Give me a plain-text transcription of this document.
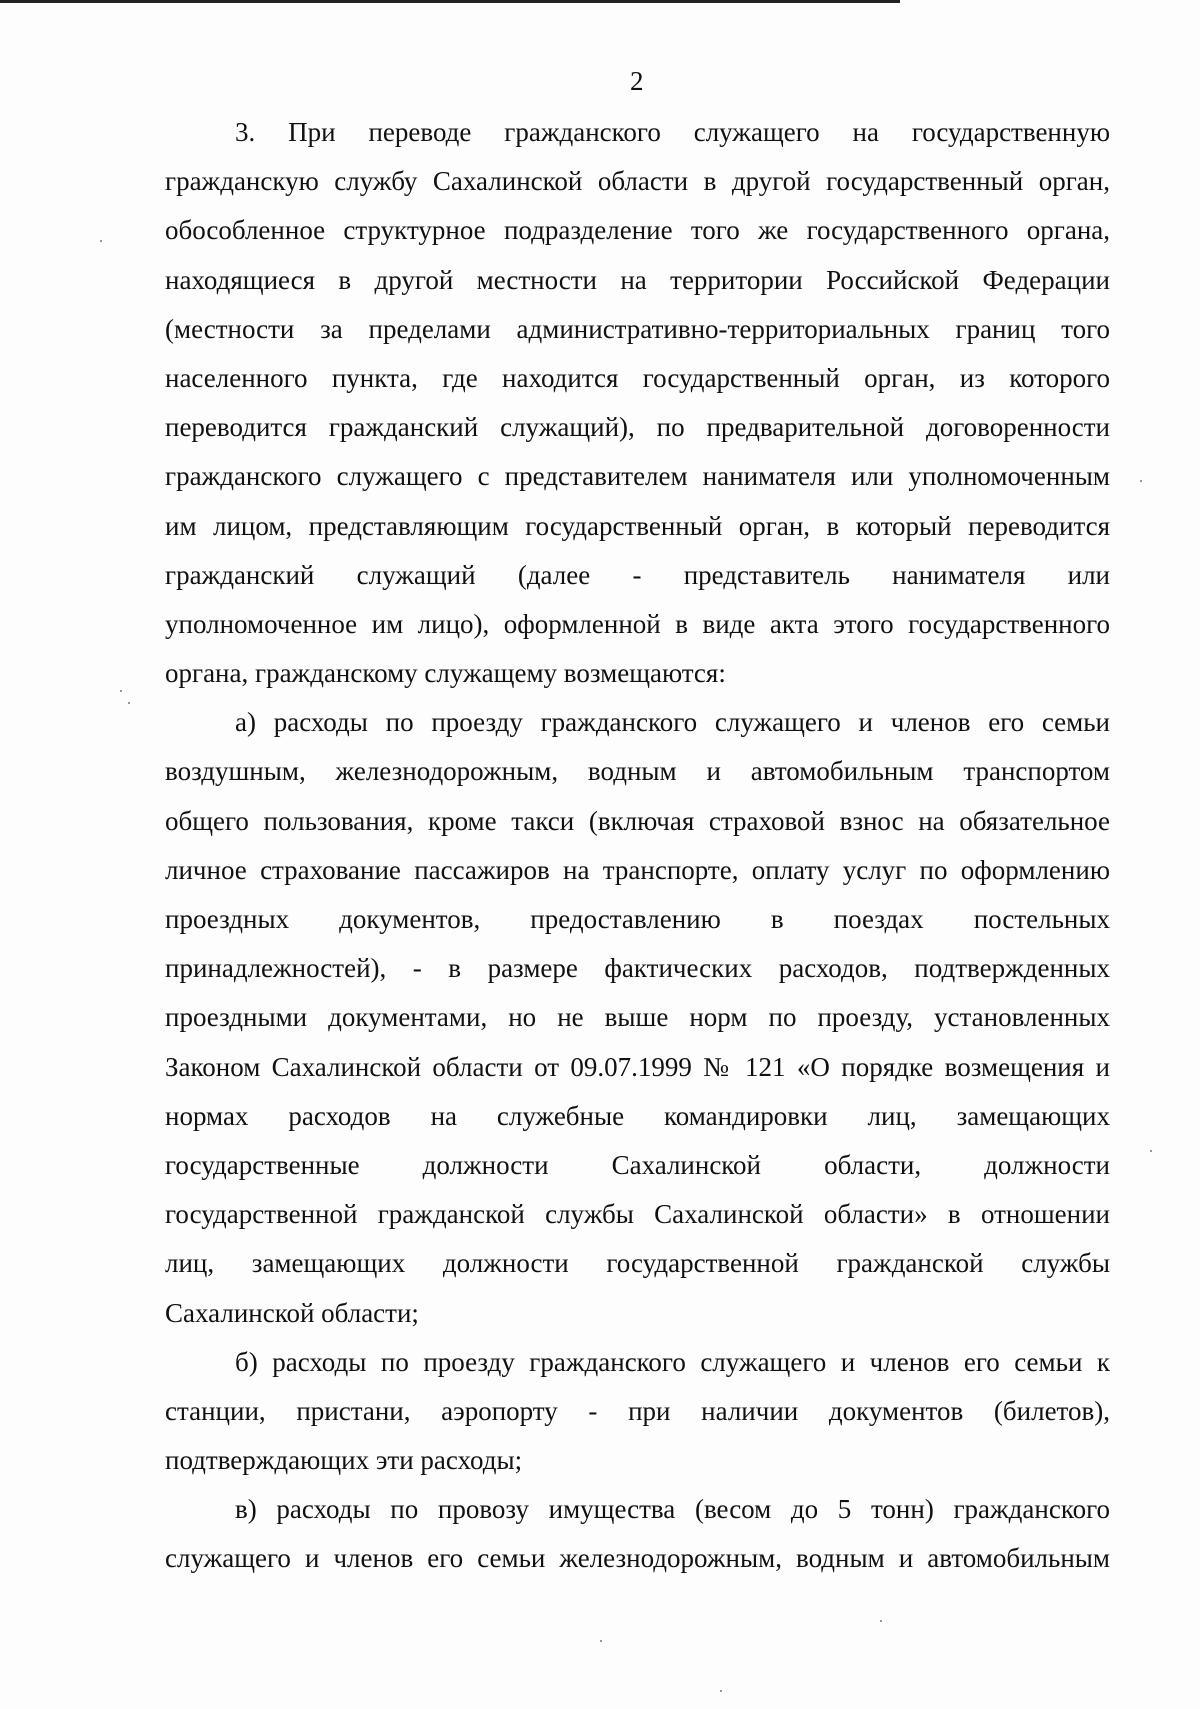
2
3. При переводе гражданского служащего на государственную
гражданскую службу Сахалинской области в другой государственный орган,
обособленное структурное подразделение того же государственного органа,
находящиеся в другой местности на территории Российской Федерации
(местности за пределами административно-территориальных границ того
населенного пункта, где находится государственный орган, из которого
переводится гражданский служащий), по предварительной договоренности
гражданского служащего с представителем нанимателя или уполномоченным
им лицом, представляющим государственный орган, в который переводится
гражданский служащий (далее - представитель нанимателя или
уполномоченное им лицо), оформленной в виде акта этого государственного
органа, гражданскому служащему возмещаются:
а) расходы по проезду гражданского служащего и членов его семьи
воздушным, железнодорожным, водным и автомобильным транспортом
общего пользования, кроме такси (включая страховой взнос на обязательное
личное страхование пассажиров на транспорте, оплату услуг по оформлению
проездных документов, предоставлению в поездах постельных
принадлежностей), - в размере фактических расходов, подтвержденных
проездными документами, но не выше норм по проезду, установленных
Законом Сахалинской области от 09.07.1999 № 121 «О порядке возмещения и
нормах расходов на служебные командировки лиц, замещающих
государственные должности Сахалинской области, должности
государственной гражданской службы Сахалинской области» в отношении
лиц, замещающих должности государственной гражданской службы
Сахалинской области;
б) расходы по проезду гражданского служащего и членов его семьи к
станции, пристани, аэропорту - при наличии документов (билетов),
подтверждающих эти расходы;
в) расходы по провозу имущества (весом до 5 тонн) гражданского
служащего и членов его семьи железнодорожным, водным и автомобильным
